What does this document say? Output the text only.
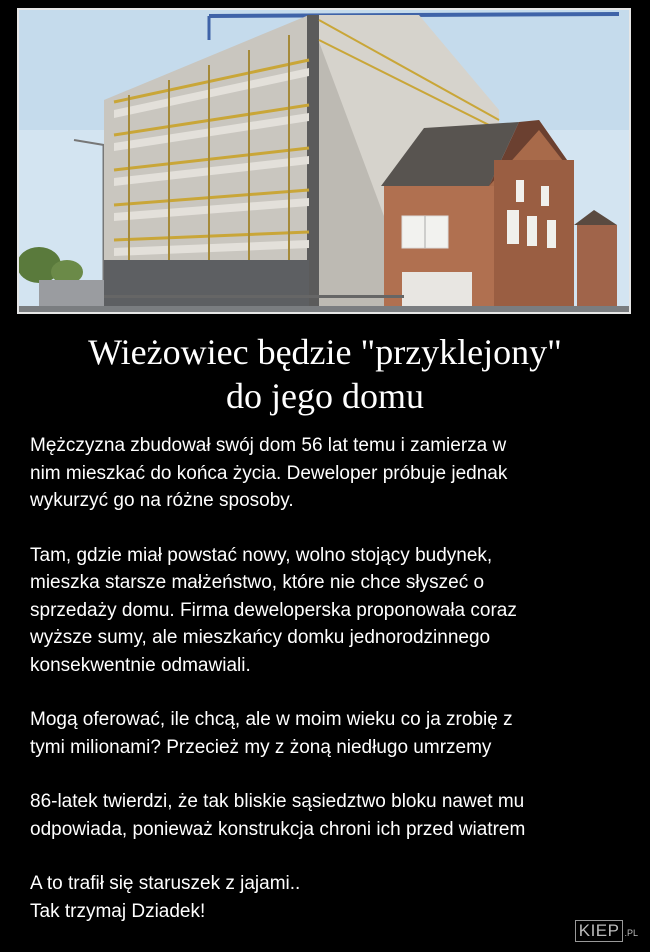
Wieżowiec będzie "przyklejony"
do jego domu
Mężczyzna zbudował swój dom 56 lat temu i zamierza w
nim mieszkać do końca życia. Deweloper próbuje jednak
wykurzyć go na różne sposoby.
Tam, gdzie miał powstać nowy, wolno stojący budynek,
mieszka starsze małżeństwo, które nie chce słyszeć o
sprzedaży domu. Firma deweloperska proponowała coraz
wyższe sumy, ale mieszkańcy domku jednorodzinnego
konsekwentnie odmawiali.
Mogą oferować, ile chcą, ale w moim wieku co ja zrobię z
tymi milionami? Przecież my z żoną niedługo umrzemy
86-latek twierdzi, że tak bliskie sąsiedztwo bloku nawet mu
odpowiada, ponieważ konstrukcja chroni ich przed wiatrem
A to trafił się staruszek z jajami..
Tak trzymaj Dziadek!
KIEP .PL
